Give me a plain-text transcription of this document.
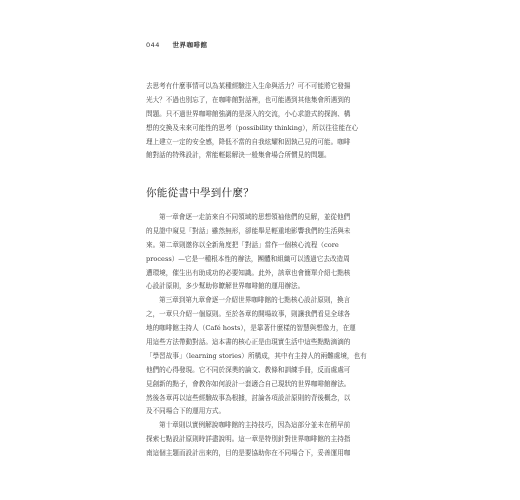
044 世界咖啡館
去思考有什麼事情可以為某種經驗注入生命與活力？可不可能將它發揚
光大？不過也別忘了，在咖啡館對話裡，也可能遇到其他集會所遇到的
問題。只不過世界咖啡館強調的是深入的交流，小心求證式的探詢、構
想的交換及未來可能性的思考（possibility thinking），所以往往能在心
理上建立一定的安全感，降低不當的自我炫耀和固執己見的可能。咖啡
館對話的特殊設計，常能輕鬆解決一般集會場合所慣見的問題。
你能從書中學到什麼？
第一章會逐一走訪來自不同領域的思想領袖他們的見解，並從他們
的見證中窺見「對話」雖然無形，卻能舉足輕重地影響我們的生活與未
來。第二章則邀你以全新角度把「對話」當作一個核心流程（core
process）—它是一種根本性的辦法，團體和組織可以透過它去改造周
遭環境，催生出有助成功的必要知識。此外，該章也會簡單介紹七點核
心設計原則，多少幫助你瞭解世界咖啡館的運用辦法。
第三章到第九章會逐一介紹世界咖啡館的七點核心設計原則，換言
之，一章只介紹一個原則。至於各章的開場故事，則讓我們看見全球各
地的咖啡館主持人（Café hosts），是靠著什麼樣的智慧與想像力，在運
用這些方法帶動對話。這本書的核心正是由現實生活中這些點點滴滴的
「學習故事」（learning stories）所構成，其中有主持人的兩難處境，也有
他們的心得發現。它不同於深奧的論文、教條和訓練手冊，反而處處可
見創新的點子，會教你如何設計一套適合自己現狀的世界咖啡館辦法。
然後各章再以這些經驗故事為根據，討論各項設計原則的背後概念，以
及不同場合下的運用方式。
第十章則以實例解說咖啡館的主持技巧，因為這部分並未在稍早前
探索七點設計原則時詳盡說明。這一章是特別針對世界咖啡館的主持指
南這個主題而設計出來的，目的是要協助你在不同場合下，妥善運用咖
